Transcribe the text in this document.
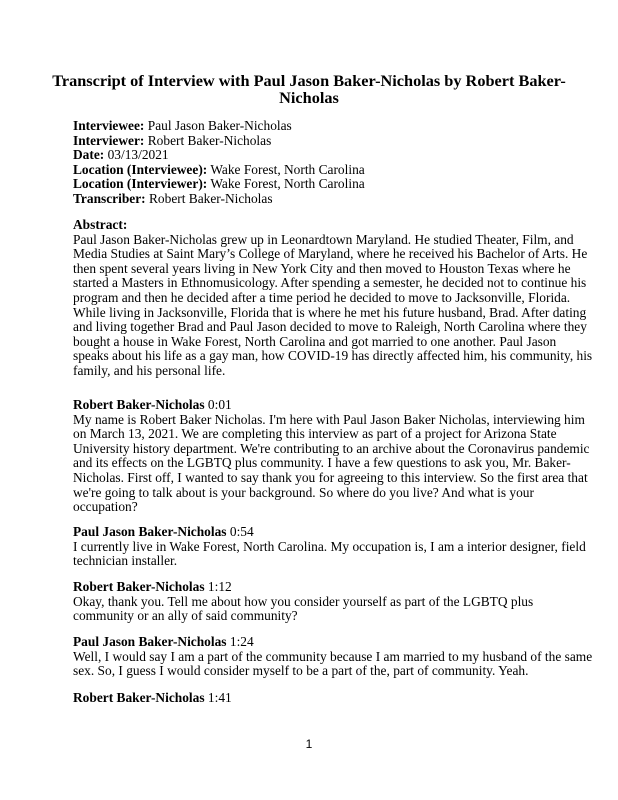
Transcript of Interview with Paul Jason Baker-Nicholas by Robert Baker-
Nicholas
Interviewee: Paul Jason Baker-Nicholas
Interviewer: Robert Baker-Nicholas
Date: 03/13/2021
Location (Interviewee): Wake Forest, North Carolina
Location (Interviewer): Wake Forest, North Carolina
Transcriber: Robert Baker-Nicholas
Abstract:
Paul Jason Baker-Nicholas grew up in Leonardtown Maryland. He studied Theater, Film, and
Media Studies at Saint Mary’s College of Maryland, where he received his Bachelor of Arts. He
then spent several years living in New York City and then moved to Houston Texas where he
started a Masters in Ethnomusicology. After spending a semester, he decided not to continue his
program and then he decided after a time period he decided to move to Jacksonville, Florida.
While living in Jacksonville, Florida that is where he met his future husband, Brad. After dating
and living together Brad and Paul Jason decided to move to Raleigh, North Carolina where they
bought a house in Wake Forest, North Carolina and got married to one another. Paul Jason
speaks about his life as a gay man, how COVID-19 has directly affected him, his community, his
family, and his personal life.
Robert Baker-Nicholas 0:01
My name is Robert Baker Nicholas. I'm here with Paul Jason Baker Nicholas, interviewing him
on March 13, 2021. We are completing this interview as part of a project for Arizona State
University history department. We're contributing to an archive about the Coronavirus pandemic
and its effects on the LGBTQ plus community. I have a few questions to ask you, Mr. Baker-
Nicholas. First off, I wanted to say thank you for agreeing to this interview. So the first area that
we're going to talk about is your background. So where do you live? And what is your
occupation?
Paul Jason Baker-Nicholas 0:54
I currently live in Wake Forest, North Carolina. My occupation is, I am a interior designer, field
technician installer.
Robert Baker-Nicholas 1:12
Okay, thank you. Tell me about how you consider yourself as part of the LGBTQ plus
community or an ally of said community?
Paul Jason Baker-Nicholas 1:24
Well, I would say I am a part of the community because I am married to my husband of the same
sex. So, I guess I would consider myself to be a part of the, part of community. Yeah.
Robert Baker-Nicholas 1:41
1
